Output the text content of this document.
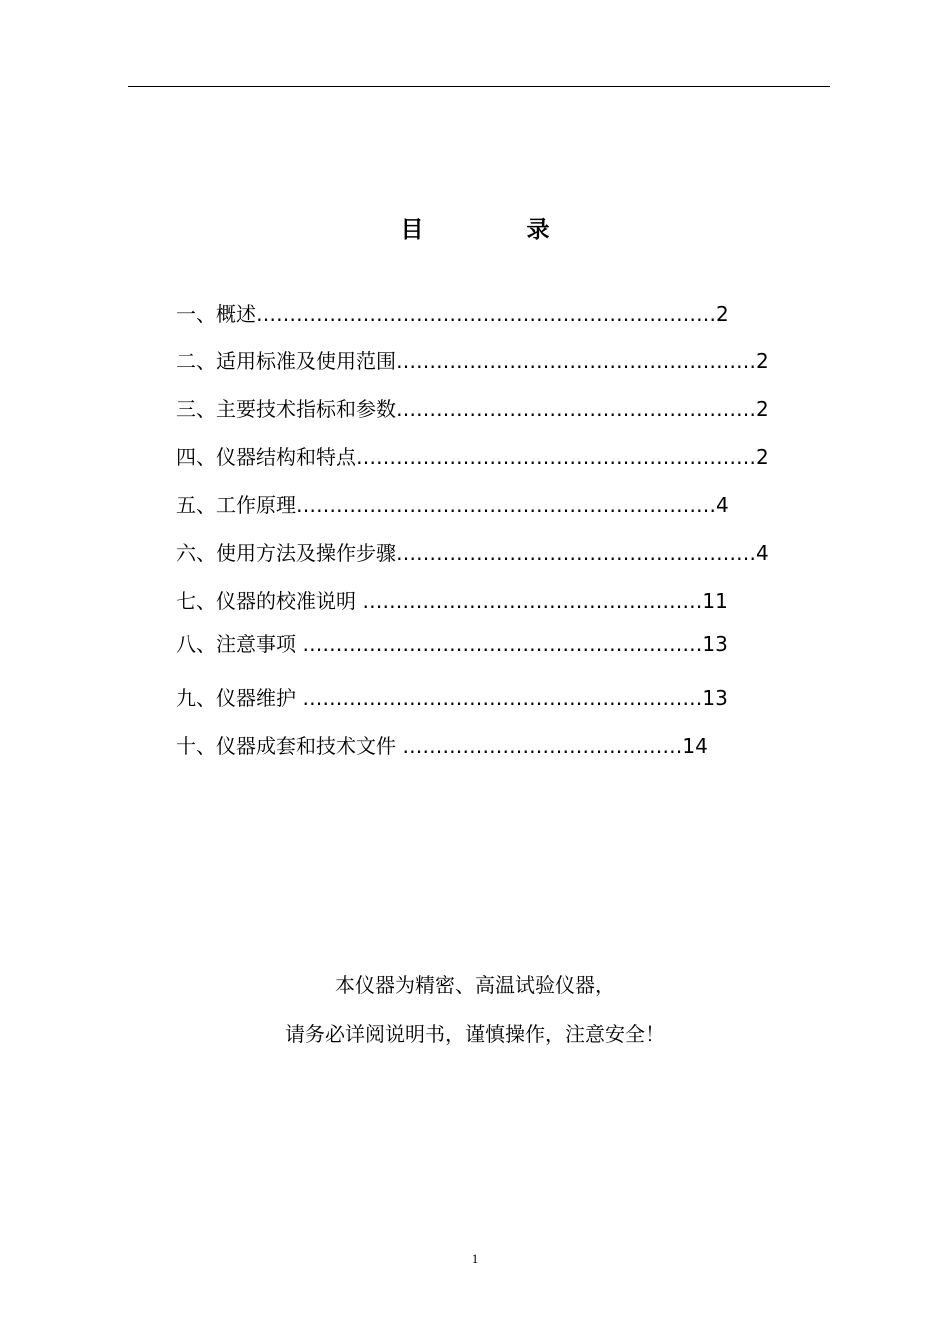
目　录
一、概述……………………………………………………………2
二、适用标准及使用范围………………………………………………2
三、主要技术指标和参数………………………………………………2
四、仪器结构和特点……………………………………………………2
五、工作原理………………………………………………………4
六、使用方法及操作步骤………………………………………………4
七、仪器的校准说明 ……………………………………………11
八、注意事项 ……………………………………………………13
九、仪器维护 ……………………………………………………13
十、仪器成套和技术文件 ……………………………………14
本仪器为精密、高温试验仪器，
请务必详阅说明书，谨慎操作，注意安全！
1
